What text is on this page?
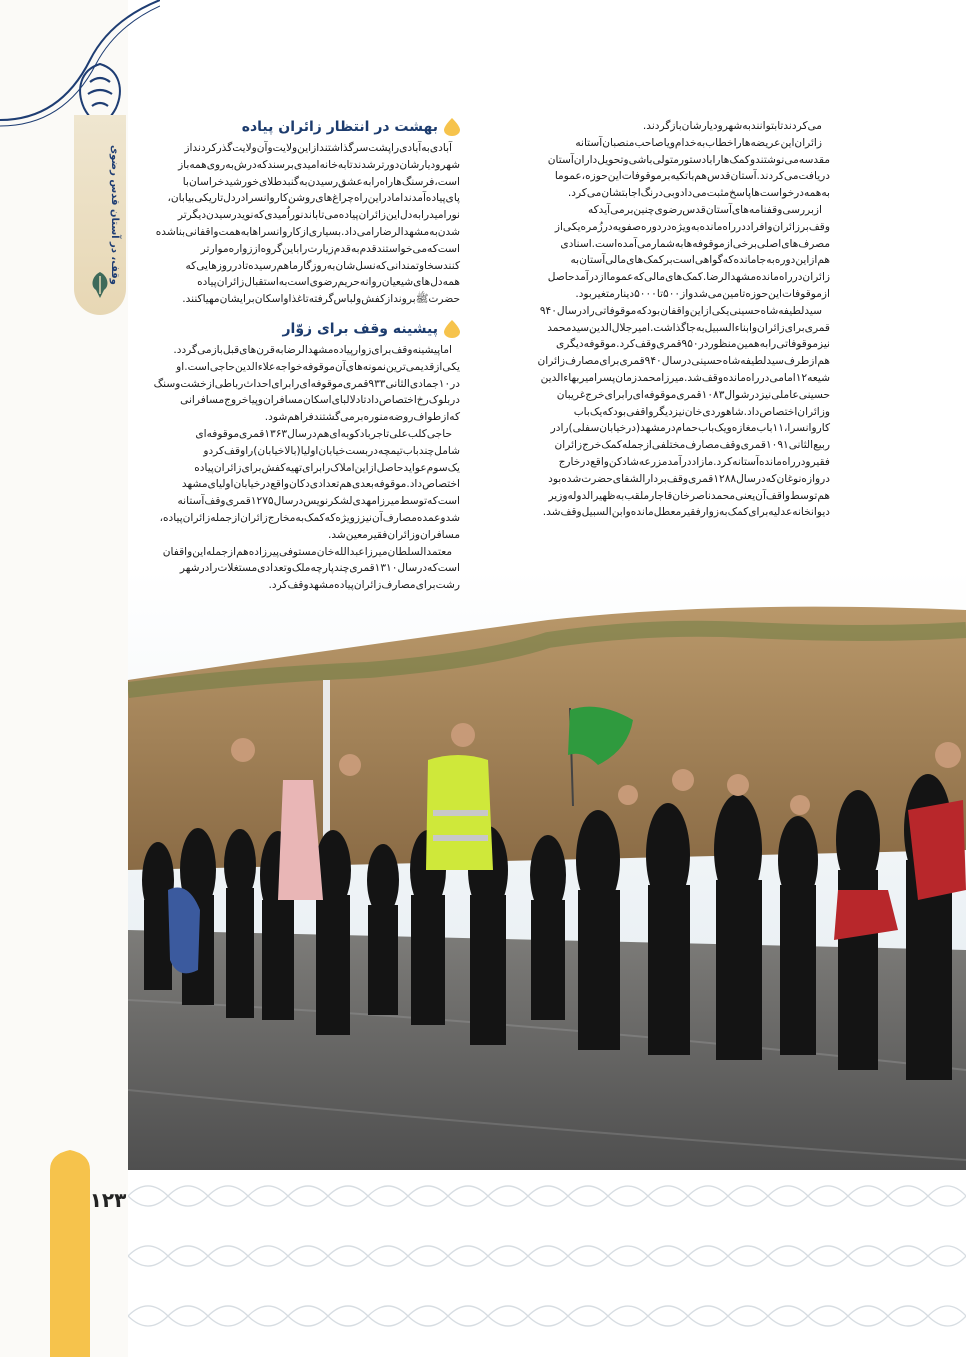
وقف، در آستان قدس رضوی
۱۲۳
بهشت در انتظار زائران پیاده

آبادی‌به‌آبادی‌راپشت‌سرگذاشتنداز‌این‌ولایت‌و‌آن‌ولایت‌گذرکردنداز شهرودیارشان‌دورترشدندتابه‌خانه‌امیدی‌برسندکه‌درش‌به‌روی‌همه‌باز است،فرسنگ‌هاراه‌رابه‌عشق‌رسیدن‌به‌گنبدطلای‌خورشیدخراسان‌با پای‌پیاده‌آمدندامادراین‌راه‌چراغ‌های‌روشن‌کاروانسرادردل‌تاریکی‌بیابان، نورامیدرابه‌دل‌این‌زائران‌پیاده‌می‌تاباندنوراُمیدی‌که‌نویدرسیدن‌دیگرتر شدن‌به‌مشهدالرضارامی‌داد.بسیاری‌ازکاروانسراهابه‌همت‌واقفانی‌بناشده است‌که‌می‌خواستندقدم‌به‌قدم‌زیارت‌راباین‌گروه‌اززواره‌موارتر کنندسخاوتمندانی‌که‌نسل‌شان‌به‌روزگارماهم‌رسیده‌تادرروزهایی‌که همه‌دل‌های‌شیعیان‌روانه‌حریم‌رضوی‌است‌به‌استقبال‌زائران‌پیاده حضرت‌ﷺبرونداز‌کفش‌ولباس‌گرفته‌تاغذاواسکان‌برایشان‌مهیاکنند.

پیشینه وقف برای زوّار

اماپیشینه‌وقف‌برای‌زوارپیاده‌مشهدالرضابه‌قرن‌های‌قبل‌بازمی‌گردد. یکی‌ازقدیمی‌ترین‌نمونه‌های‌آن‌موقوفه‌خواجه‌علاءالدین‌حاجی‌است.او در۱۰جمادی‌الثانی۹۳۳قمری‌موقوفه‌ای‌رابرای‌احداث‌رباطی‌ازخشت‌وسنگ دربلوک‌رخ‌اختصاص‌دادتادلالبای‌اسکان‌مسافران‌وپیاخروج‌مسافرانی که‌ازطواف‌روضه‌منوره‌برمی‌گشتندفراهم‌شود.

حاجی‌کلب‌علی‌تاجربادکوبه‌ای‌هم‌درسال۱۳۶۳قمری‌موقوفه‌ای شامل‌چندباب‌تیمچه‌دربست‌خیابان‌اولیا(بالاخیابان)راوقف‌کردو یک‌سوم‌عوایدحاصل‌ازاین‌املاک‌رابرای‌تهیه‌کفش‌برای‌زائران‌پیاده اختصاص‌داد.موقوفه‌بعدی‌هم‌تعدادی‌دکان‌واقع‌درخیابان‌اولیای‌مشهد است‌که‌توسط‌میرزامهدی‌لشکرنویس‌درسال۱۲۷۵قمری‌وقف‌آستانه شدوعمده‌مصارف‌آن‌نیززویژه‌که‌کمک‌به‌مخارج‌زائران‌ازجمله‌زائران‌پیاده، مسافران‌وزائران‌فقیرمعین‌شد.

معتمدالسلطان‌میرزاعبدالله‌خان‌مستوفی‌پیرزاده‌هم‌ازجمله‌این‌واقفان است‌که‌درسال۱۳۱۰قمری‌چندپارچه‌ملک‌وتعدادی‌مستغلات‌رادرشهر رشت‌برای‌مصارف‌زائران‌پیاده‌مشهدوقف‌کرد.

می‌کردندتابتوانندبه‌شهرودیارشان‌بازگردند.

زائران‌این‌عریضه‌هاراخطاب‌به‌خدام‌ویاصاحب‌منصبان‌آستانه مقدسه‌می‌نوشتندوکمک‌هارابادستورمتولی‌باشی‌وتحویل‌داران‌آستان دریافت‌می‌کردند.آستان‌قدس‌هم‌باتکیه‌برموقوفات‌این‌حوزه،عموما به‌همه‌درخواست‌هاپاسخ‌مثبت‌می‌دادوبی‌درنگ‌اجابتشان‌می‌کرد.

ازبررسی‌وقفنامه‌های‌آستان‌قدس‌رضوی‌چنین‌برمی‌آیدکه وقف‌برزائران‌وافراددرراه‌مانده‌به‌ویژه‌دردوره‌صفویه‌درزُمره‌یکی‌از مصرف‌های‌اصلی‌برخی‌ازموقوفه‌هابه‌شمارمی‌آمده‌است.اسنادی هم‌ازاین‌دوره‌به‌جامانده‌که‌گواهی‌است‌برکمک‌های‌مالی‌آستان‌به زائران‌درراه‌مانده‌مشهدالرضا.کمک‌های‌مالی‌که‌عموماازدرآمدحاصل ازموقوفات‌این‌حوزه‌تامین‌می‌شدواز۵۰۰تا۵۰۰۰دینارمتغیربود.

سیدلطیفه‌شاه‌حسینی‌یکی‌ازاین‌واقفان‌بودکه‌موقوفاتی‌رادرسال۹۴۰ قمری‌برای‌زائران‌وابناءالسبیل‌به‌جاگذاشت.امیرجلال‌الدین‌سیدمحمد نیزموقوفاتی‌رابه‌همین‌منظوردر۹۵۰قمری‌وقف‌کرد.موقوفه‌دیگری هم‌ازطرف‌سیدلطیفه‌شاه‌حسینی‌درسال۹۴۰قمری‌برای‌مصارف‌زائران شیعه۱۲امامی‌درراه‌مانده‌وقف‌شد.میرزامحمدزمان‌پسرامیربهاءالدین حسینی‌عاملی‌نیزدرشوال۱۰۸۳قمری‌موقوفه‌ای‌رابرای‌خرج‌غریبان وزائران‌اختصاص‌داد.شاهوردی‌خان‌نیزدیگرواقفی‌بودکه‌یک‌باب کاروانسرا،۱۱باب‌مغازه‌ویک‌باب‌حمام‌درمشهد(درخیابان‌سفلی)رادر ربیع‌الثانی۱۰۹۱قمری‌وقف‌مصارف‌مختلفی‌ازجمله‌کمک‌خرج‌زائران فقیرودرراه‌مانده‌آستانه‌کرد.مازاددرآمدمزرعه‌شادکن‌واقع‌درخارج دروازه‌نوغان‌که‌درسال۱۲۸۸قمری‌وقف‌بردارالشفای‌حضرت‌شده‌بود هم‌توسط‌واقف‌آن‌یعنی‌محمدناصرخان‌قاجارملقب‌به‌ظهیرالدوله‌وزیر دیوانخانه‌عدلیه‌برای‌کمک‌به‌زوارفقیرمعطل‌مانده‌وابن‌السبیل‌وقف‌شد.
